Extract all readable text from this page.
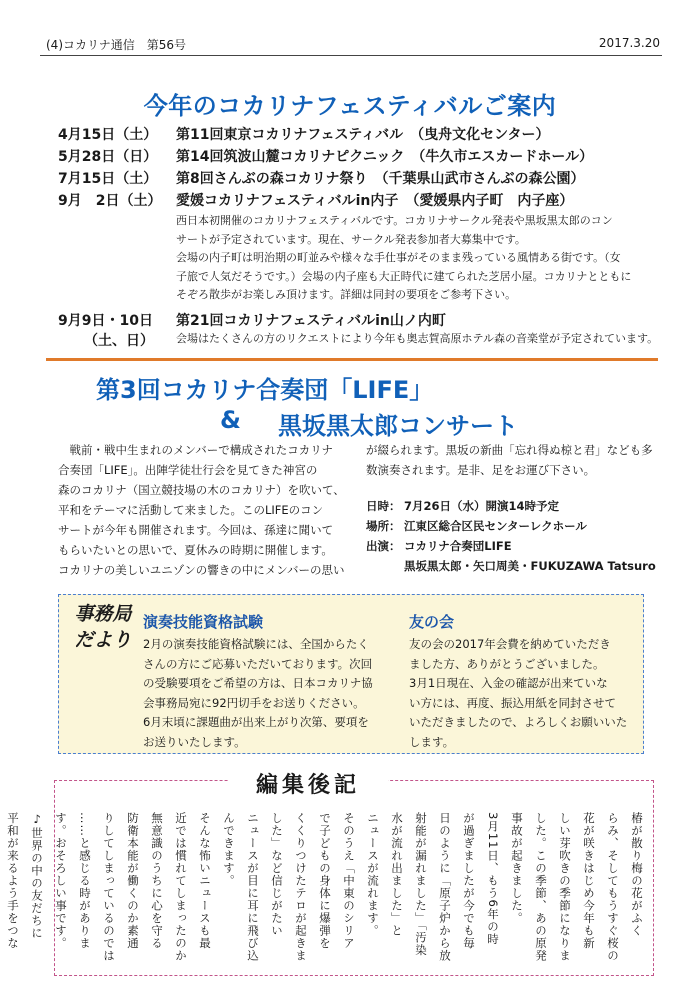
(4)コカリナ通信　第56号	2017.3.20
今年のコカリナフェスティバルご案内
4月15日（土） 第11回東京コカリナフェスティバル　（曳舟文化センター）
5月28日（日） 第14回筑波山麓コカリナピクニック　（牛久市エスカードホール）
7月15日（土） 第8回さんぶの森コカリナ祭り　（千葉県山武市さんぶの森公園）
9月　2日（土） 愛媛コカリナフェスティバルin内子　（愛媛県内子町　内子座）
西日本初開催のコカリナフェスティバルです。コカリナサークル発表や黒坂黒太郎のコン
サートが予定されています。現在、サークル発表参加者大募集中です。
会場の内子町は明治期の町並みや様々な手仕事がそのまま残っている風情ある街です。（女
子旅で人気だそうです。）会場の内子座も大正時代に建てられた芝居小屋。コカリナとともに
そぞろ散歩がお楽しみ頂けます。詳細は同封の要項をご参考下さい。
9月9日・10日
（土、日）
第21回コカリナフェスティバルin山ノ内町
会場はたくさんの方のリクエストにより今年も奥志賀高原ホテル森の音楽堂が予定されています。
第3回コカリナ合奏団「LIFE」
& 黒坂黒太郎コンサート
戦前・戦中生まれのメンバーで構成されたコカリナ
合奏団「LIFE」。出陣学徒壮行会を見てきた神宮の
森のコカリナ（国立競技場の木のコカリナ）を吹いて、
平和をテーマに活動して来ました。このLIFEのコン
サートが今年も開催されます。今回は、孫達に聞いて
もらいたいとの思いで、夏休みの時期に開催します。
コカリナの美しいユニゾンの響きの中にメンバーの思い
が綴られます。黒坂の新曲「忘れ得ぬ椋と君」なども多
数演奏されます。是非、足をお運び下さい。
日時： 7月26日（水）開演14時予定
場所： 江東区総合区民センターレクホール
出演： コカリナ合奏団LIFE
黒坂黒太郎・矢口周美・FUKUZAWA Tatsuro
事務局
だより
演奏技能資格試験
2月の演奏技能資格試験には、全国からたく
さんの方にご応募いただいております。次回
の受験要項をご希望の方は、日本コカリナ協
会事務局宛に92円切手をお送りください。
6月末頃に課題曲が出来上がり次第、要項を
お送りいたします。
友の会
友の会の2017年会費を納めていただき
ました方、ありがとうございました。
3月1日現在、入金の確認が出来ていな
い方には、再度、振込用紙を同封させて
いただきましたので、よろしくお願いいた
します。
編集後記
椿が散り梅の花がふく
らみ、そしてもうすぐ桜の
花が咲きはじめ今年も新
しい芽吹きの季節になりま
した。この季節、あの原発
事故が起きました。
3月11日、もう6年の時
が過ぎましたが今でも毎
日のように「原子炉から放
射能が漏れました」「汚染
水が流れ出ました」と
ニュースが流れます。
そのうえ「中東のシリア
で子どもの身体に爆弾を
くくりつけたテロが起きま
した」など信じがたい
ニュースが目に耳に飛び込
んできます。
そんな怖いニュースも最
近では慣れてしまったのか
無意識のうちに心を守る
防衛本能が働くのか素通
りしてしまっているのでは
……と感じる時がありま
す。おそろしい事です。
♪世界の中の友だちに
平和が来るよう手をつな
